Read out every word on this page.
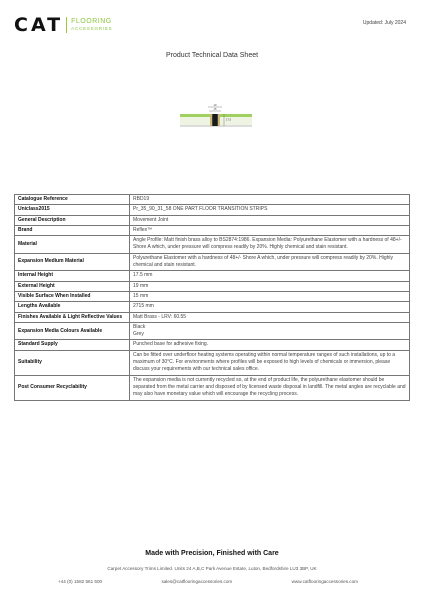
CAT FLOORING
ACCESSORIES
Updated: July 2024
Product Technical Data Sheet
19
15
17.5
Catalogue Reference	RBD19

Uniclass2015	Pr_35_90_31_58 ONE PART FLOOR TRANSITION STRIPS

General Description	Movement Joint

Brand	Reflex™

Material	Angle Profile: Matt finish brass alloy to BS2874:1986. Expansion Media: Polyurethane Elastomer with a hardness of 48+/- Shore A which, under pressure will compress readily by 20%. Highly chemical and stain resistant.

Expansion Medium Material	Polyurethane Elastomer with a hardness of 48+/- Shore A which, under pressure will compress readily by 20%. Highly chemical and stain resistant.

Internal Height	17.5 mm

External Height	19 mm

Visible Surface When Installed	15 mm

Lengths Available	2715 mm

Finishes Available & Light Reflective Values	Matt Brass - LRV: 60.55

Expansion Media Colours Available	Black
Grey

Standard Supply	Punched base for adhesive fixing.

Suitability	Can be fitted over underfloor heating systems operating within normal temperature ranges of such installations, up to a maximum of 30°C. For environments where profiles will be exposed to high levels of chemicals or immersion, please discuss your requirements with our technical sales office.

Post Consumer Recyclability	The expansion media is not currently recycled so, at the end of product life, the polyurethane elastomer should be separated from the metal carrier and disposed of by licensed waste disposal in landfill. The metal angles are recyclable and may also have monetary value which will encourage the recycling process.
Made with Precision, Finished with Care
Carpet Accessory Trims Limited. Units 24 A,B,C Park Avenue Estate, Luton, Bedfordshire LU3 3BP, UK
+44 (0) 1582 561 500	sales@catflooringaccessories.com	www.catflooringaccessories.com
